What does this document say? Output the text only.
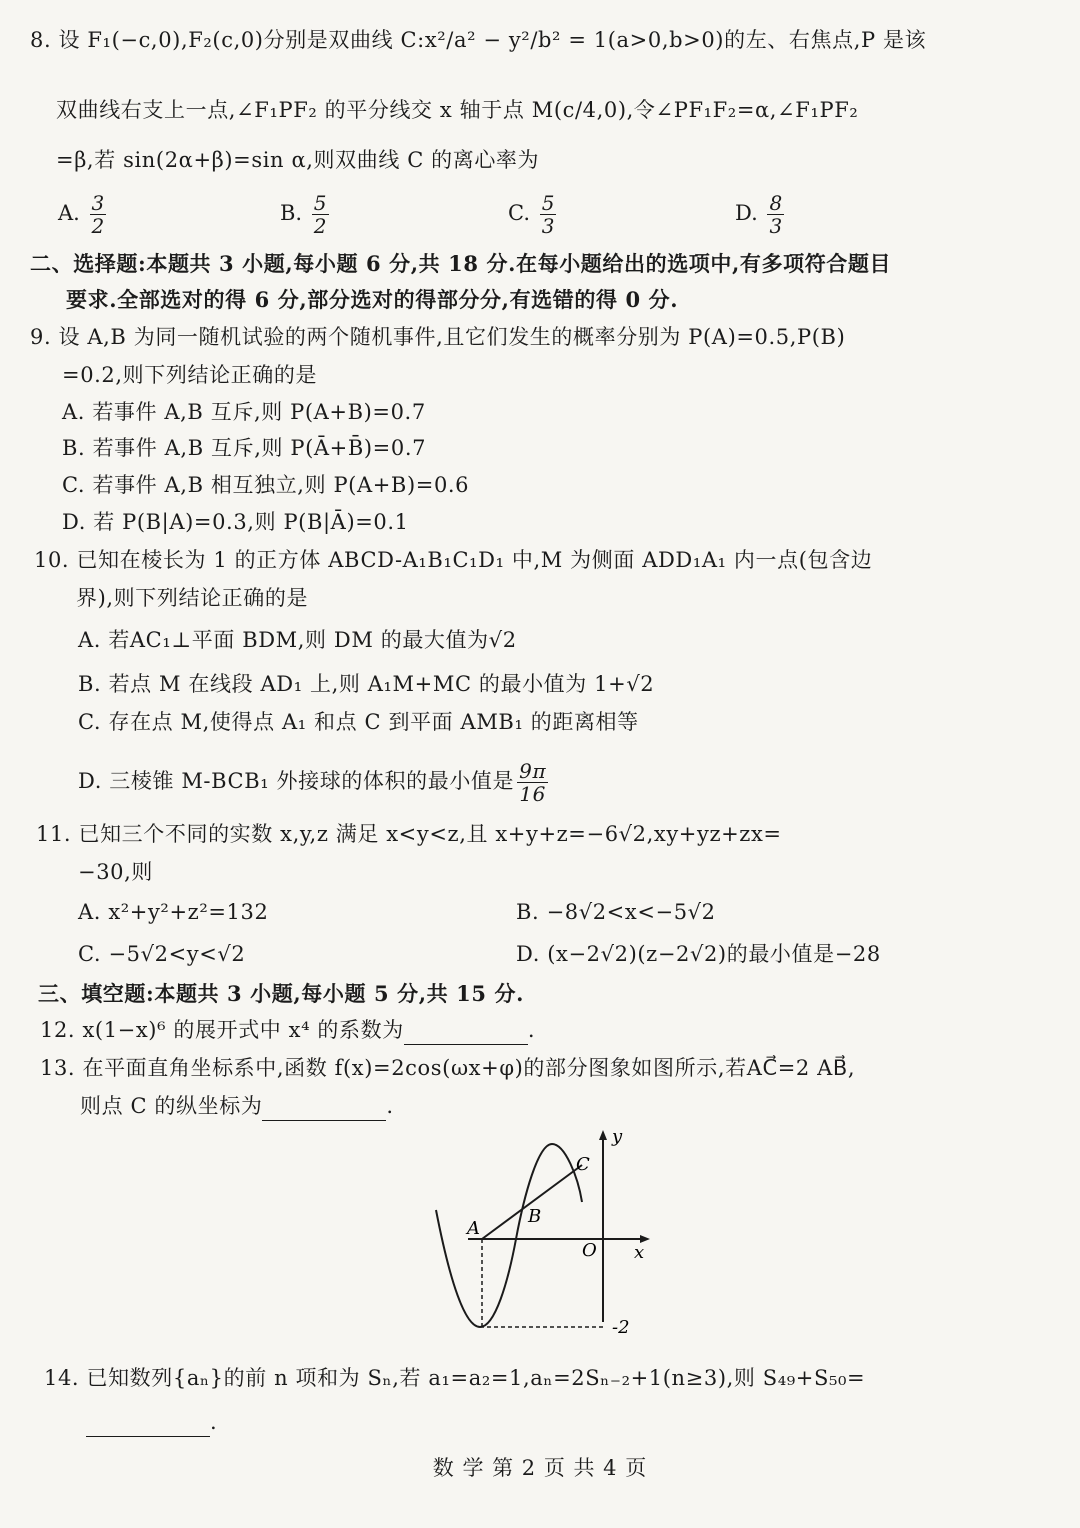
8. 设 F₁(−c,0),F₂(c,0)分别是双曲线 C:x²/a² − y²/b² = 1(a>0,b>0)的左、右焦点,P 是该
双曲线右支上一点,∠F₁PF₂ 的平分线交 x 轴于点 M(c/4,0),令∠PF₁F₂=α,∠F₁PF₂
=β,若 sin(2α+β)=sin α,则双曲线 C 的离心率为
A. $\frac{3}{2}$	B. $\frac{5}{2}$	C. $\frac{5}{3}$	D. $\frac{8}{3}$
二、选择题:本题共 3 小题,每小题 6 分,共 18 分.在每小题给出的选项中,有多项符合题目
要求.全部选对的得 6 分,部分选对的得部分分,有选错的得 0 分.
9. 设 A,B 为同一随机试验的两个随机事件,且它们发生的概率分别为 P(A)=0.5,P(B)
=0.2,则下列结论正确的是
A. 若事件 A,B 互斥,则 P(A+B)=0.7
B. 若事件 A,B 互斥,则 P(Ā+B̄)=0.7
C. 若事件 A,B 相互独立,则 P(A+B)=0.6
D. 若 P(B|A)=0.3,则 P(B|Ā)=0.1
10. 已知在棱长为 1 的正方体 ABCD-A₁B₁C₁D₁ 中,M 为侧面 ADD₁A₁ 内一点(包含边
界),则下列结论正确的是
A. 若AC₁⊥平面 BDM,则 DM 的最大值为√2
B. 若点 M 在线段 AD₁ 上,则 A₁M+MC 的最小值为 1+√2
C. 存在点 M,使得点 A₁ 和点 C 到平面 AMB₁ 的距离相等
D. 三棱锥 M-BCB₁ 外接球的体积的最小值是 $\frac{9\pi}{16}$
11. 已知三个不同的实数 x,y,z 满足 x<y<z,且 x+y+z=−6√2,xy+yz+zx=
−30,则
A. x²+y²+z²=132	B. −8√2<x<−5√2
C. −5√2<y<√2	D. (x−2√2)(z−2√2)的最小值是−28
三、填空题:本题共 3 小题,每小题 5 分,共 15 分.
12. x(1−x)⁶ 的展开式中 x⁴ 的系数为	.
13. 在平面直角坐标系中,函数 f(x)=2cos(ωx+φ)的部分图象如图所示,若AC⃗=2 AB⃗,
则点 C 的纵坐标为	.
y
x
O
A
B
C
-2
14. 已知数列{aₙ}的前 n 项和为 Sₙ,若 a₁=a₂=1,aₙ=2Sₙ₋₂+1(n≥3),则 S₄₉+S₅₀=
.
数 学 第 2 页 共 4 页
